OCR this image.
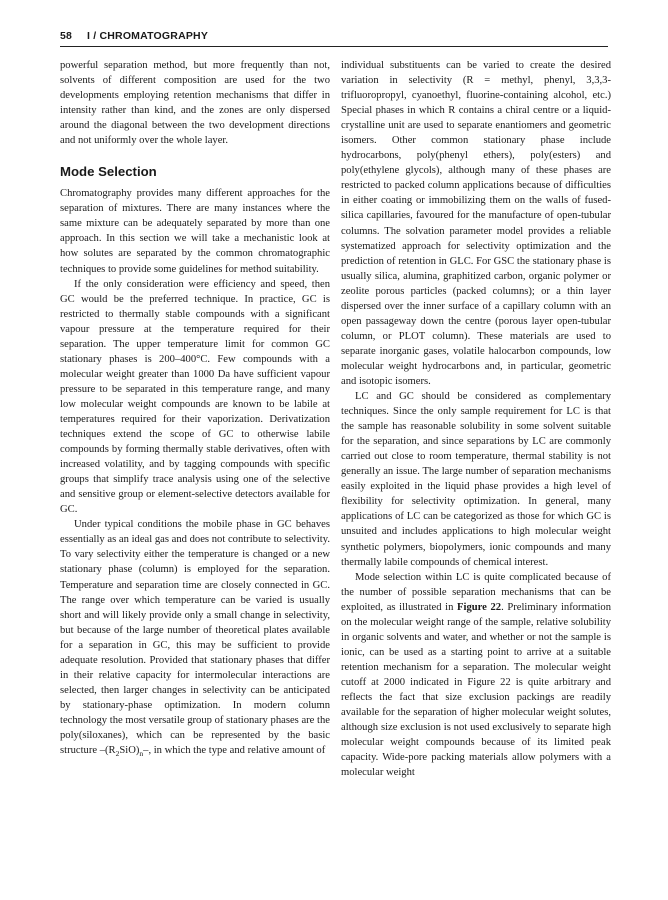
58 I / CHROMATOGRAPHY

powerful separation method, but more frequently than not, solvents of different composition are used for the two developments employing retention mechanisms that differ in intensity rather than kind, and the zones are only dispersed around the diagonal between the two development directions and not uniformly over the whole layer.

Mode Selection

Chromatography provides many different approaches for the separation of mixtures. There are many instances where the same mixture can be adequately separated by more than one approach. In this section we will take a mechanistic look at how solutes are separated by the common chromatographic techniques to provide some guidelines for method suitability.

If the only consideration were efficiency and speed, then GC would be the preferred technique. In practice, GC is restricted to thermally stable compounds with a significant vapour pressure at the temperature required for their separation. The upper temperature limit for common GC stationary phases is 200–400°C. Few compounds with a molecular weight greater than 1000 Da have sufficient vapour pressure to be separated in this temperature range, and many low molecular weight compounds are known to be labile at temperatures required for their vaporization. Derivatization techniques extend the scope of GC to otherwise labile compounds by forming thermally stable derivatives, often with increased volatility, and by tagging compounds with specific groups that simplify trace analysis using one of the selective and sensitive group or element-selective detectors available for GC.

Under typical conditions the mobile phase in GC behaves essentially as an ideal gas and does not contribute to selectivity. To vary selectivity either the temperature is changed or a new stationary phase (column) is employed for the separation. Temperature and separation time are closely connected in GC. The range over which temperature can be varied is usually short and will likely provide only a small change in selectivity, but because of the large number of theoretical plates available for a separation in GC, this may be sufficient to provide adequate resolution. Provided that stationary phases that differ in their relative capacity for intermolecular interactions are selected, then larger changes in selectivity can be anticipated by stationary-phase optimization. In modern column technology the most versatile group of stationary phases are the poly(siloxanes), which can be represented by the basic structure $-(R_2SiO)_n-$, in which the type and relative amount of

individual substituents can be varied to create the desired variation in selectivity (R = methyl, phenyl, 3,3,3-trifluoropropyl, cyanoethyl, fluorine-containing alcohol, etc.) Special phases in which R contains a chiral centre or a liquid-crystalline unit are used to separate enantiomers and geometric isomers. Other common stationary phase include hydrocarbons, poly(phenyl ethers), poly(esters) and poly(ethylene glycols), although many of these phases are restricted to packed column applications because of difficulties in either coating or immobilizing them on the walls of fused-silica capillaries, favoured for the manufacture of open-tubular columns. The solvation parameter model provides a reliable systematized approach for selectivity optimization and the prediction of retention in GLC. For GSC the stationary phase is usually silica, alumina, graphitized carbon, organic polymer or zeolite porous particles (packed columns); or a thin layer dispersed over the inner surface of a capillary column with an open passageway down the centre (porous layer open-tubular column, or PLOT column). These materials are used to separate inorganic gases, volatile halocarbon compounds, low molecular weight hydrocarbons and, in particular, geometric and isotopic isomers.

LC and GC should be considered as complementary techniques. Since the only sample requirement for LC is that the sample has reasonable solubility in some solvent suitable for the separation, and since separations by LC are commonly carried out close to room temperature, thermal stability is not generally an issue. The large number of separation mechanisms easily exploited in the liquid phase provides a high level of flexibility for selectivity optimization. In general, many applications of LC can be categorized as those for which GC is unsuited and includes applications to high molecular weight synthetic polymers, biopolymers, ionic compounds and many thermally labile compounds of chemical interest.

Mode selection within LC is quite complicated because of the number of possible separation mechanisms that can be exploited, as illustrated in Figure 22. Preliminary information on the molecular weight range of the sample, relative solubility in organic solvents and water, and whether or not the sample is ionic, can be used as a starting point to arrive at a suitable retention mechanism for a separation. The molecular weight cutoff at 2000 indicated in Figure 22 is quite arbitrary and reflects the fact that size exclusion packings are readily available for the separation of higher molecular weight solutes, although size exclusion is not used exclusively to separate high molecular weight compounds because of its limited peak capacity. Wide-pore packing materials allow polymers with a molecular weight
